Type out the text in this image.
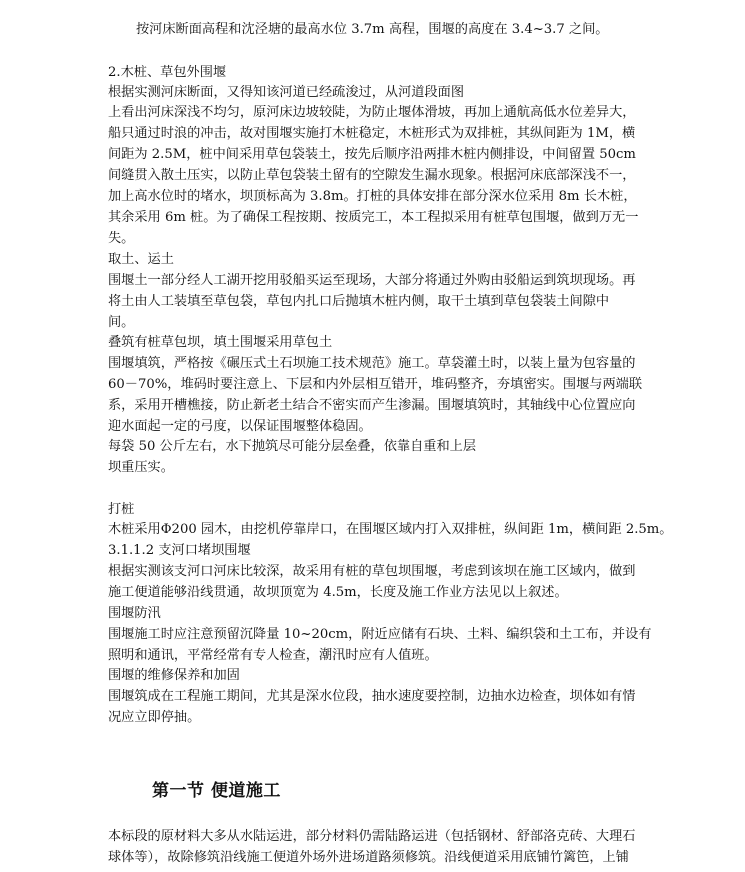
按河床断面高程和沈泾塘的最高水位 3.7m 高程，围堰的高度在 3.4~3.7 之间。
2.木桩、草包外围堰
根据实测河床断面，又得知该河道已经疏浚过，从河道段面图
上看出河床深浅不均匀，原河床边坡较陡，为防止堰体滑坡，再加上通航高低水位差异大，
船只通过时浪的冲击，故对围堰实施打木桩稳定，木桩形式为双排桩，其纵间距为 1M，横
间距为 2.5M，桩中间采用草包袋装土，按先后顺序沿两排木桩内侧排设，中间留置 50cm
间缝贯入散土压实，以防止草包袋装土留有的空隙发生漏水现象。根据河床底部深浅不一，
加上高水位时的堵水，坝顶标高为 3.8m。打桩的具体安排在部分深水位采用 8m 长木桩，
其余采用 6m 桩。为了确保工程按期、按质完工，本工程拟采用有桩草包围堰，做到万无一
失。
取土、运土
围堰土一部分经人工湖开挖用驳船买运至现场，大部分将通过外购由驳船运到筑坝现场。再
将土由人工装填至草包袋，草包内扎口后抛填木桩内侧，取干土填到草包袋装土间隙中
间。
叠筑有桩草包坝，填土围堰采用草包土
围堰填筑，严格按《碾压式土石坝施工技术规范》施工。草袋灌土时，以装上量为包容量的
60－70%，堆码时要注意上、下层和内外层相互错开，堆码整齐，夯填密实。围堰与两端联
系，采用开槽樵接，防止新老土结合不密实而产生渗漏。围堰填筑时，其轴线中心位置应向
迎水面起一定的弓度，以保证围堰整体稳固。
每袋 50 公斤左右，水下抛筑尽可能分层垒叠，依靠自重和上层
坝重压实。
打桩
木桩采用Φ200 园木，由挖机停靠岸口，在围堰区域内打入双排桩，纵间距 1m，横间距 2.5m。
3.1.1.2 支河口堵坝围堰
根据实测该支河口河床比较深，故采用有桩的草包坝围堰，考虑到该坝在施工区域内，做到
施工便道能够沿线贯通，故坝顶宽为 4.5m，长度及施工作业方法见以上叙述。
围堰防汛
围堰施工时应注意预留沉降量 10~20cm，附近应储有石块、土料、编织袋和土工布，并设有
照明和通讯，平常经常有专人检查，潮汛时应有人值班。
围堰的维修保养和加固
围堰筑成在工程施工期间，尤其是深水位段，抽水速度要控制，边抽水边检查，坝体如有情
况应立即停抽。
第一节 便道施工
本标段的原材料大多从水陆运进，部分材料仍需陆路运进（包括钢材、舒部洛克砖、大理石
球体等），故除修筑沿线施工便道外场外进场道路须修筑。沿线便道采用底铺竹篱笆，上铺
